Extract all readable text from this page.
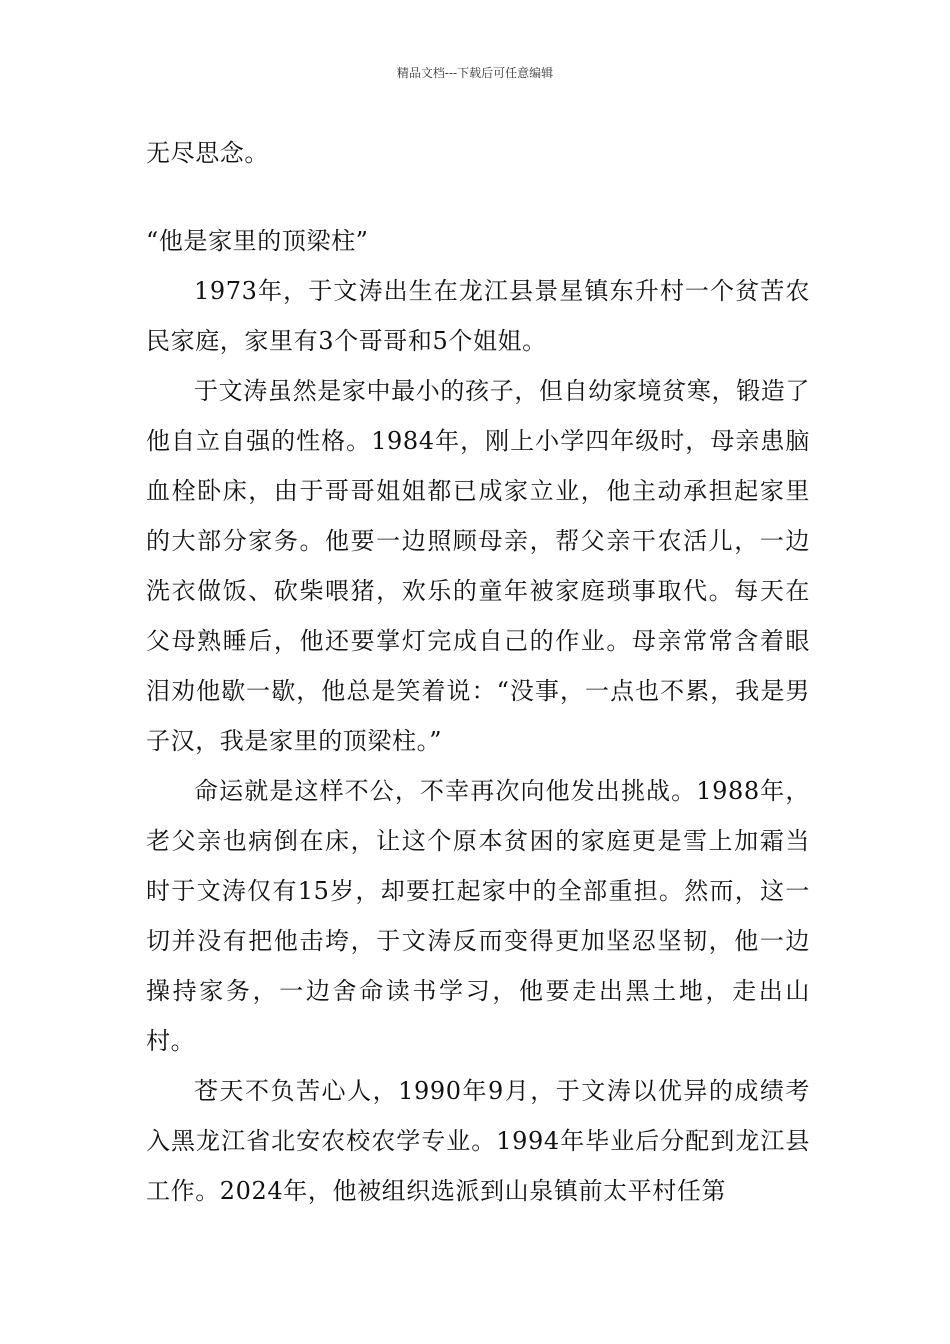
精品文档---下载后可任意编辑

无尽思念。

“他是家里的顶梁柱”

1973年，于文涛出生在龙江县景星镇东升村一个贫苦农民家庭，家里有3个哥哥和5个姐姐。

于文涛虽然是家中最小的孩子，但自幼家境贫寒，锻造了他自立自强的性格。1984年，刚上小学四年级时，母亲患脑血栓卧床，由于哥哥姐姐都已成家立业，他主动承担起家里的大部分家务。他要一边照顾母亲，帮父亲干农活儿，一边洗衣做饭、砍柴喂猪，欢乐的童年被家庭琐事取代。每天在父母熟睡后，他还要掌灯完成自己的作业。母亲常常含着眼泪劝他歇一歇，他总是笑着说：“没事，一点也不累，我是男子汉，我是家里的顶梁柱。”

命运就是这样不公，不幸再次向他发出挑战。1988年，老父亲也病倒在床，让这个原本贫困的家庭更是雪上加霜当时于文涛仅有15岁，却要扛起家中的全部重担。然而，这一切并没有把他击垮，于文涛反而变得更加坚忍坚韧，他一边操持家务，一边舍命读书学习，他要走出黑土地，走出山村。

苍天不负苦心人，1990年9月，于文涛以优异的成绩考入黑龙江省北安农校农学专业。1994年毕业后分配到龙江县工作。2024年，他被组织选派到山泉镇前太平村任第
